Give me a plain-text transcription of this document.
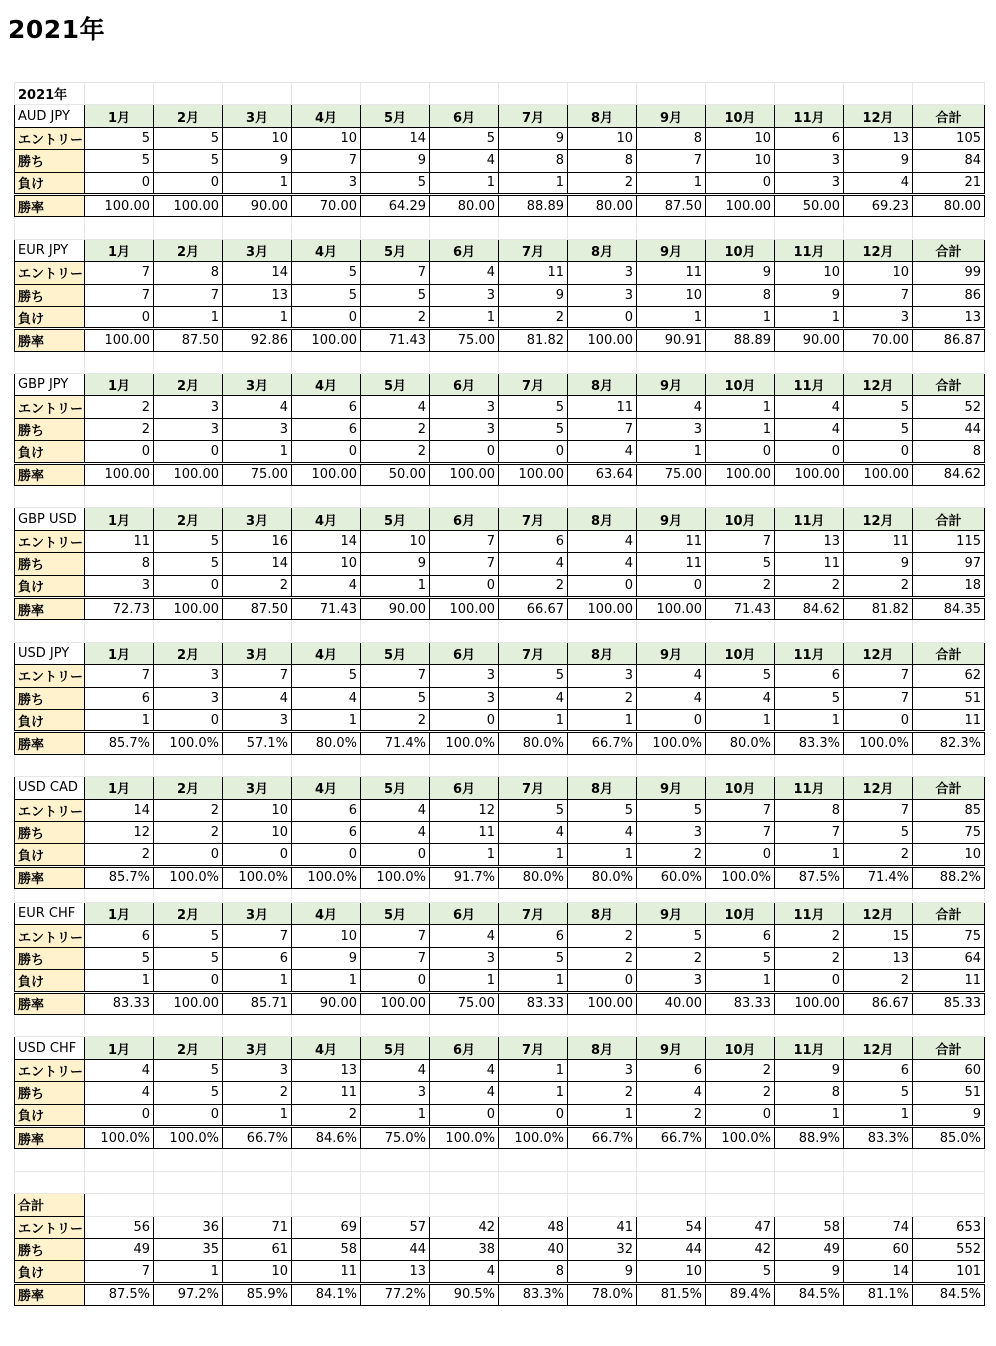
2021年
2021年													
AUD JPY	1月	2月	3月	4月	5月	6月	7月	8月	9月	10月	11月	12月	合計
エントリー	5	5	10	10	14	5	9	10	8	10	6	13	105
勝ち	5	5	9	7	9	4	8	8	7	10	3	9	84
負け	0	0	1	3	5	1	1	2	1	0	3	4	21
勝率	100.00	100.00	90.00	70.00	64.29	80.00	88.89	80.00	87.50	100.00	50.00	69.23	80.00

EUR JPY	1月	2月	3月	4月	5月	6月	7月	8月	9月	10月	11月	12月	合計
エントリー	7	8	14	5	7	4	11	3	11	9	10	10	99
勝ち	7	7	13	5	5	3	9	3	10	8	9	7	86
負け	0	1	1	0	2	1	2	0	1	1	1	3	13
勝率	100.00	87.50	92.86	100.00	71.43	75.00	81.82	100.00	90.91	88.89	90.00	70.00	86.87

GBP JPY	1月	2月	3月	4月	5月	6月	7月	8月	9月	10月	11月	12月	合計
エントリー	2	3	4	6	4	3	5	11	4	1	4	5	52
勝ち	2	3	3	6	2	3	5	7	3	1	4	5	44
負け	0	0	1	0	2	0	0	4	1	0	0	0	8
勝率	100.00	100.00	75.00	100.00	50.00	100.00	100.00	63.64	75.00	100.00	100.00	100.00	84.62

GBP USD	1月	2月	3月	4月	5月	6月	7月	8月	9月	10月	11月	12月	合計
エントリー	11	5	16	14	10	7	6	4	11	7	13	11	115
勝ち	8	5	14	10	9	7	4	4	11	5	11	9	97
負け	3	0	2	4	1	0	2	0	0	2	2	2	18
勝率	72.73	100.00	87.50	71.43	90.00	100.00	66.67	100.00	100.00	71.43	84.62	81.82	84.35

USD JPY	1月	2月	3月	4月	5月	6月	7月	8月	9月	10月	11月	12月	合計
エントリー	7	3	7	5	7	3	5	3	4	5	6	7	62
勝ち	6	3	4	4	5	3	4	2	4	4	5	7	51
負け	1	0	3	1	2	0	1	1	0	1	1	0	11
勝率	85.7%	100.0%	57.1%	80.0%	71.4%	100.0%	80.0%	66.7%	100.0%	80.0%	83.3%	100.0%	82.3%

USD CAD	1月	2月	3月	4月	5月	6月	7月	8月	9月	10月	11月	12月	合計
エントリー	14	2	10	6	4	12	5	5	5	7	8	7	85
勝ち	12	2	10	6	4	11	4	4	3	7	7	5	75
負け	2	0	0	0	0	1	1	1	2	0	1	2	10
勝率	85.7%	100.0%	100.0%	100.0%	100.0%	91.7%	80.0%	80.0%	60.0%	100.0%	87.5%	71.4%	88.2%

EUR CHF	1月	2月	3月	4月	5月	6月	7月	8月	9月	10月	11月	12月	合計
エントリー	6	5	7	10	7	4	6	2	5	6	2	15	75
勝ち	5	5	6	9	7	3	5	2	2	5	2	13	64
負け	1	0	1	1	0	1	1	0	3	1	0	2	11
勝率	83.33	100.00	85.71	90.00	100.00	75.00	83.33	100.00	40.00	83.33	100.00	86.67	85.33

USD CHF	1月	2月	3月	4月	5月	6月	7月	8月	9月	10月	11月	12月	合計
エントリー	4	5	3	13	4	4	1	3	6	2	9	6	60
勝ち	4	5	2	11	3	4	1	2	4	2	8	5	51
負け	0	0	1	2	1	0	0	1	2	0	1	1	9
勝率	100.0%	100.0%	66.7%	84.6%	75.0%	100.0%	100.0%	66.7%	66.7%	100.0%	88.9%	83.3%	85.0%

合計													
エントリー	56	36	71	69	57	42	48	41	54	47	58	74	653
勝ち	49	35	61	58	44	38	40	32	44	42	49	60	552
負け	7	1	10	11	13	4	8	9	10	5	9	14	101
勝率	87.5%	97.2%	85.9%	84.1%	77.2%	90.5%	83.3%	78.0%	81.5%	89.4%	84.5%	81.1%	84.5%
